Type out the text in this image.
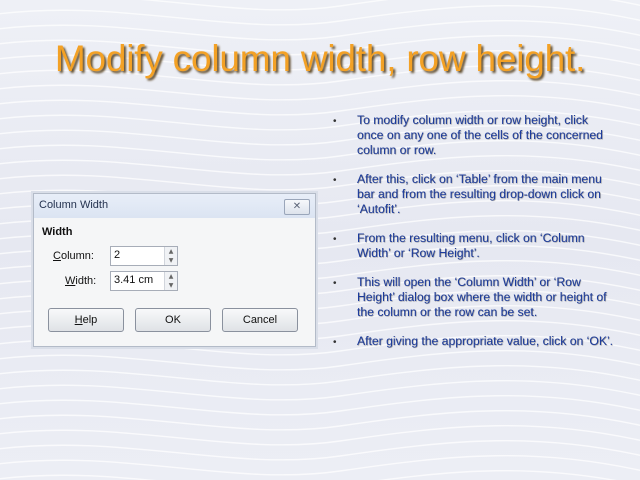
Modify column width, row height.
• To modify column width or row height, click once on any one of the cells of the concerned column or row.
• After this, click on ‘Table’ from the main menu bar and from the resulting drop-down click on ‘Autofit’.
• From the resulting menu, click on ‘Column Width’ or ‘Row Height’.
• This will open the ‘Column Width’ or ‘Row Height’ dialog box where the width or height of the column or the row can be set.
• After giving the appropriate value, click on ‘OK’.
Column Width	✕
Width
Column: 2	▲
▼
Width: 3.41 cm	▲
▼
Help	OK	Cancel
